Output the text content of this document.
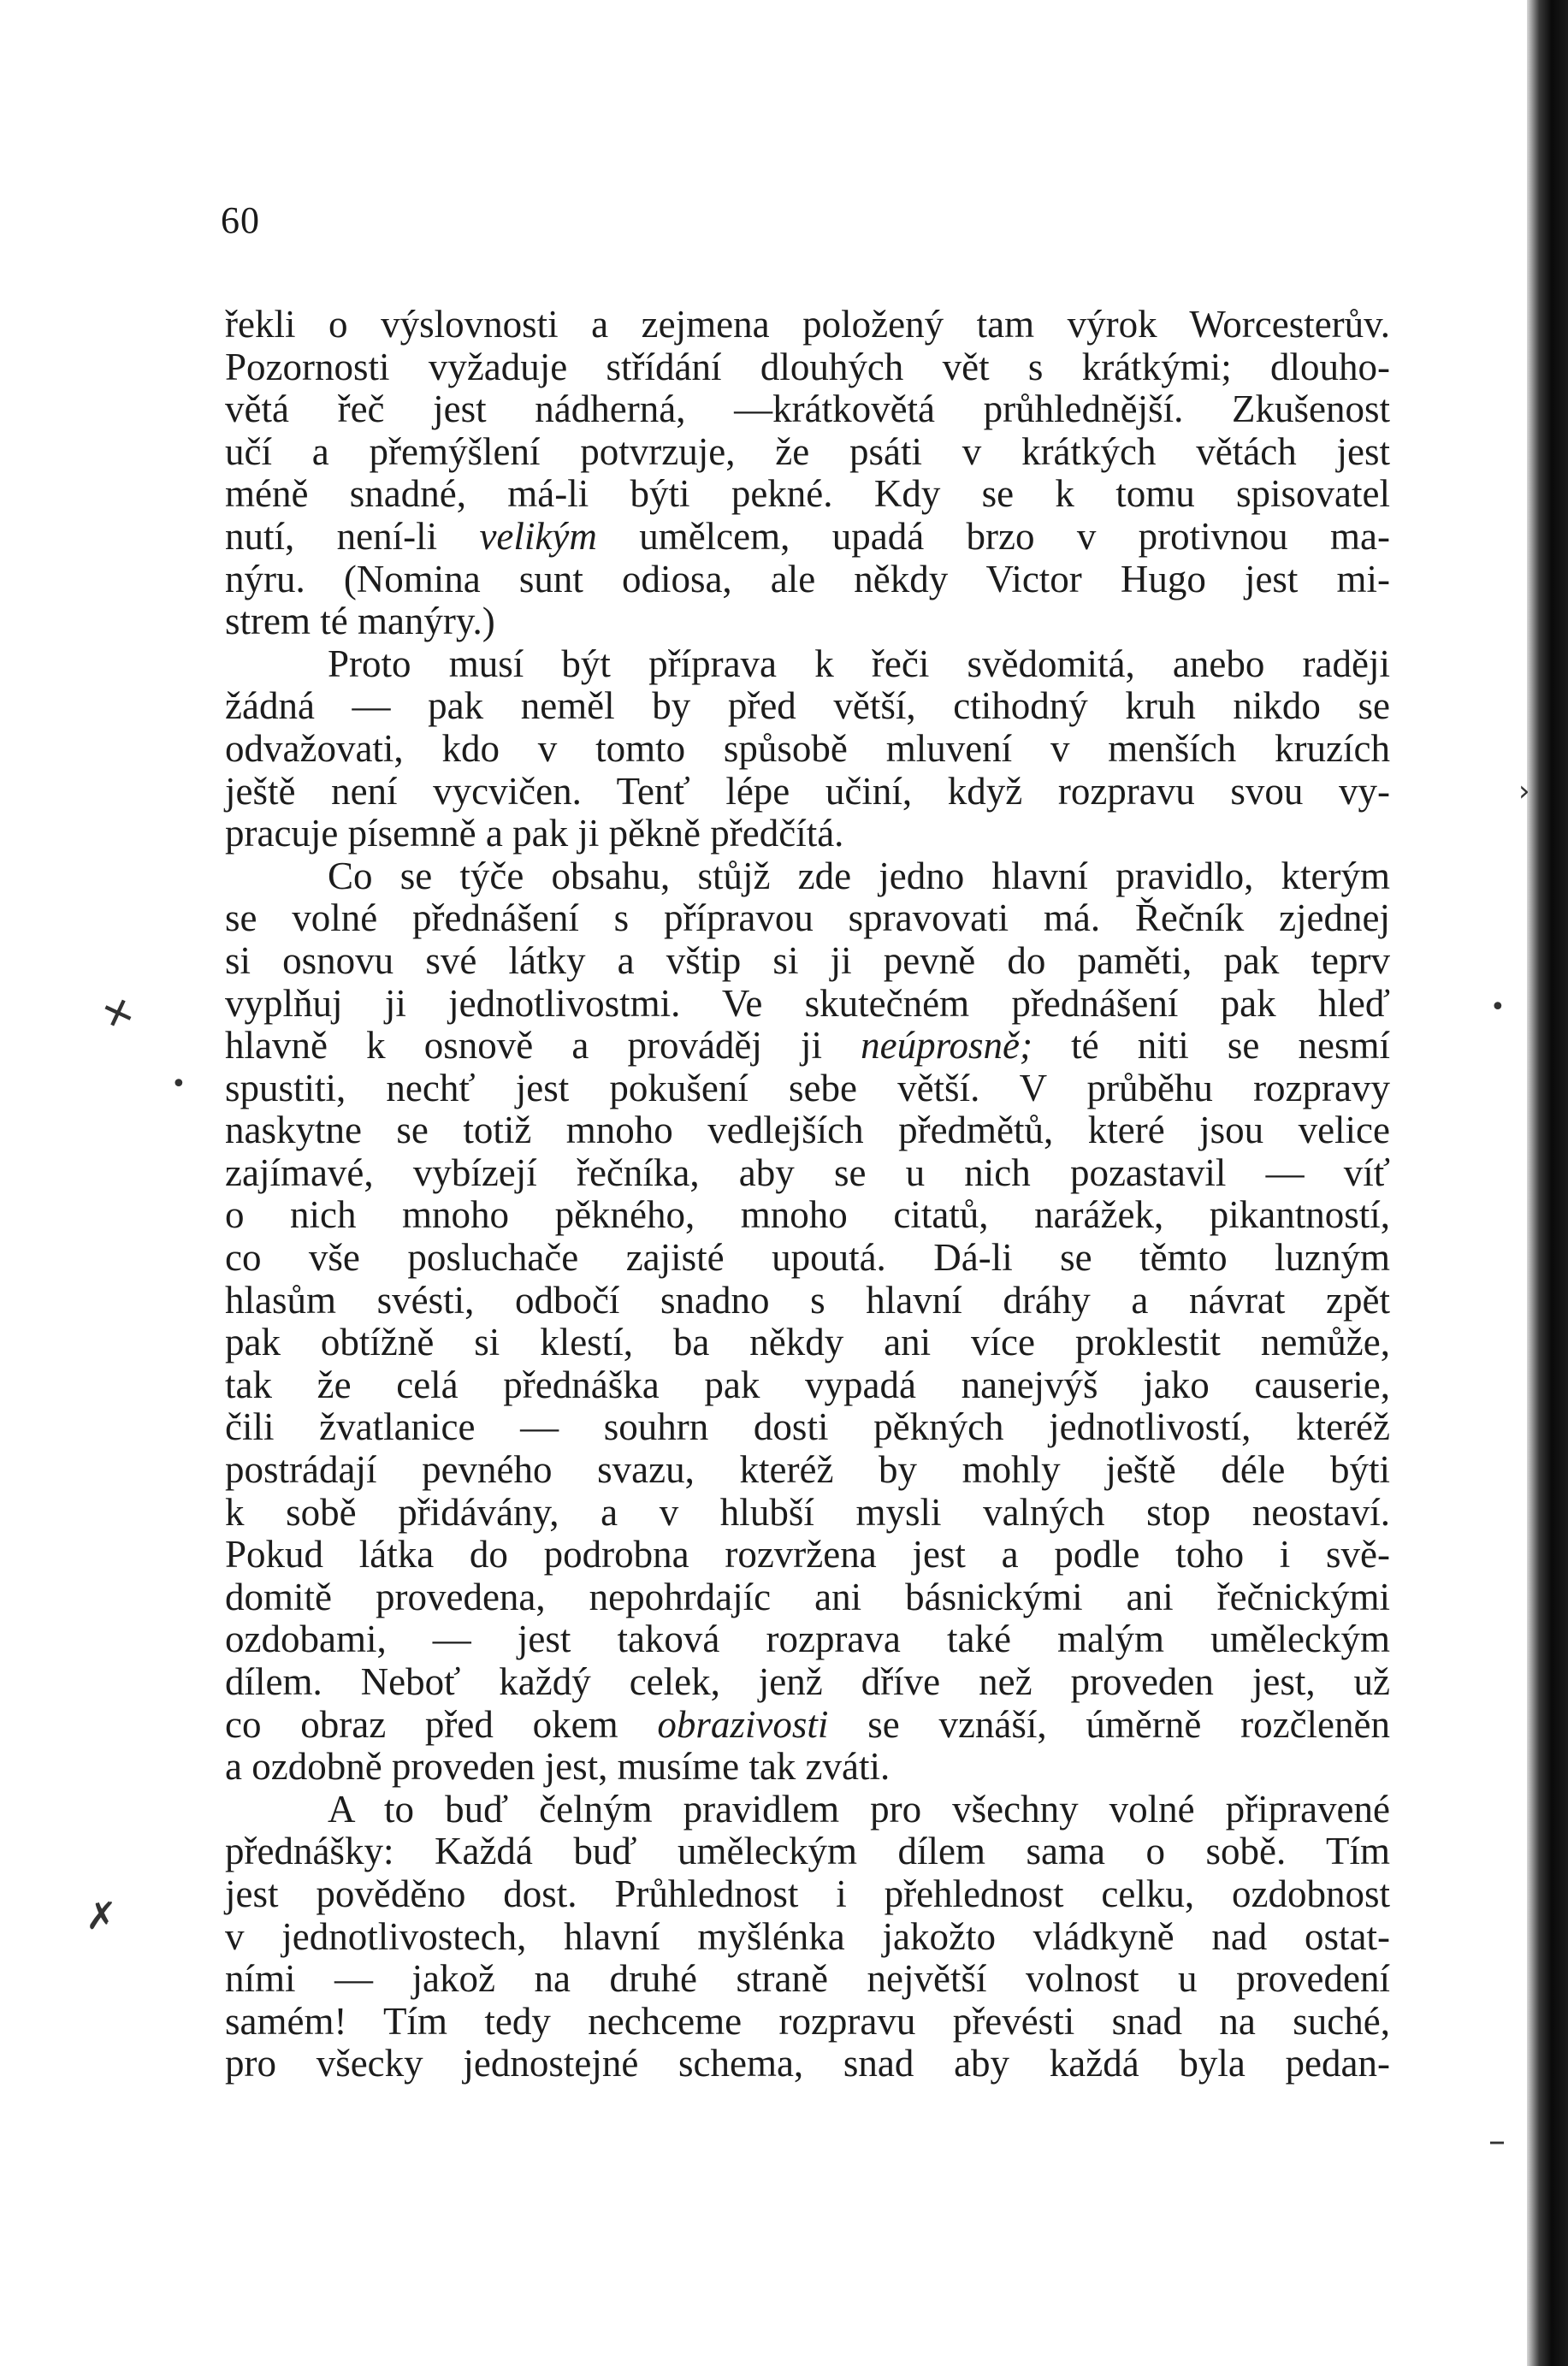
✕
•
•
›
–
✗
60
řekli o výslovnosti a zejmena položený tam výrok Worcesterův.
Pozornosti vyžaduje střídání dlouhých vět s krátkými; dlouho-
větá řeč jest nádherná, —krátkovětá průhlednější. Zkušenost
učí a přemýšlení potvrzuje, že psáti v krátkých větách jest
méně snadné, má-li býti pekné. Kdy se k tomu spisovatel
nutí, není-li velikým umělcem, upadá brzo v protivnou ma-
nýru. (Nomina sunt odiosa, ale někdy Victor Hugo jest mi-
strem té manýry.)
Proto musí být příprava k řeči svědomitá, anebo raději
žádná — pak neměl by před větší, ctihodný kruh nikdo se
odvažovati, kdo v tomto spůsobě mluvení v menších kruzích
ještě není vycvičen. Tenť lépe učiní, když rozpravu svou vy-
pracuje písemně a pak ji pěkně předčítá.
Co se týče obsahu, stůjž zde jedno hlavní pravidlo, kterým
se volné přednášení s přípravou spravovati má. Řečník zjednej
si osnovu své látky a vštip si ji pevně do paměti, pak teprv
vyplňuj ji jednotlivostmi. Ve skutečném přednášení pak hleď
hlavně k osnově a prováděj ji neúprosně; té niti se nesmí
spustiti, nechť jest pokušení sebe větší. V průběhu rozpravy
naskytne se totiž mnoho vedlejších předmětů, které jsou velice
zajímavé, vybízejí řečníka, aby se u nich pozastavil — víť
o nich mnoho pěkného, mnoho citatů, narážek, pikantností,
co vše posluchače zajisté upoutá. Dá-li se těmto luzným
hlasům svésti, odbočí snadno s hlavní dráhy a návrat zpět
pak obtížně si klestí, ba někdy ani více proklestit nemůže,
tak že celá přednáška pak vypadá nanejvýš jako causerie,
čili žvatlanice — souhrn dosti pěkných jednotlivostí, kteréž
postrádají pevného svazu, kteréž by mohly ještě déle býti
k sobě přidávány, a v hlubší mysli valných stop neostaví.
Pokud látka do podrobna rozvržena jest a podle toho i svě-
domitě provedena, nepohrdajíc ani básnickými ani řečnickými
ozdobami, — jest taková rozprava také malým uměleckým
dílem. Neboť každý celek, jenž dříve než proveden jest, už
co obraz před okem obrazivosti se vznáší, úměrně rozčleněn
a ozdobně proveden jest, musíme tak zváti.
A to buď čelným pravidlem pro všechny volné připravené
přednášky: Každá buď uměleckým dílem sama o sobě. Tím
jest pověděno dost. Průhlednost i přehlednost celku, ozdobnost
v jednotlivostech, hlavní myšlénka jakožto vládkyně nad ostat-
ními — jakož na druhé straně největší volnost u provedení
samém! Tím tedy nechceme rozpravu převésti snad na suché,
pro všecky jednostejné schema, snad aby každá byla pedan-
